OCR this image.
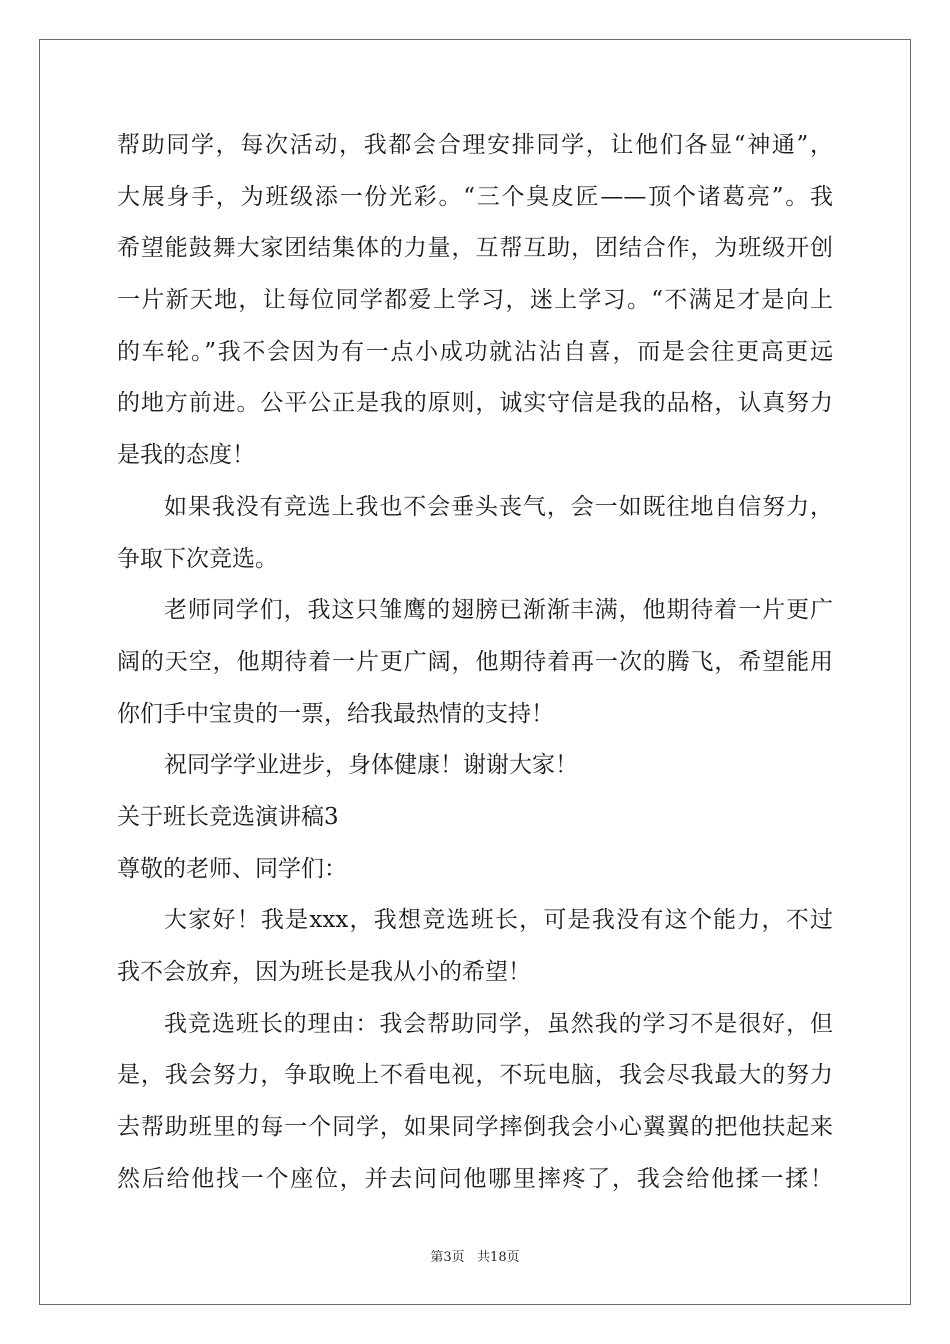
帮助同学，每次活动，我都会合理安排同学，让他们各显“神通”，
大展身手，为班级添一份光彩。“三个臭皮匠——顶个诸葛亮”。我
希望能鼓舞大家团结集体的力量，互帮互助，团结合作，为班级开创
一片新天地，让每位同学都爱上学习，迷上学习。“不满足才是向上
的车轮。”我不会因为有一点小成功就沾沾自喜，而是会往更高更远
的地方前进。公平公正是我的原则，诚实守信是我的品格，认真努力
是我的态度！
如果我没有竞选上我也不会垂头丧气，会一如既往地自信努力，
争取下次竞选。
老师同学们，我这只雏鹰的翅膀已渐渐丰满，他期待着一片更广
阔的天空，他期待着一片更广阔，他期待着再一次的腾飞，希望能用
你们手中宝贵的一票，给我最热情的支持！
祝同学学业进步，身体健康！谢谢大家！
关于班长竞选演讲稿3
尊敬的老师、同学们：
大家好！我是xxx，我想竞选班长，可是我没有这个能力，不过
我不会放弃，因为班长是我从小的希望！
我竞选班长的理由：我会帮助同学，虽然我的学习不是很好，但
是，我会努力，争取晚上不看电视，不玩电脑，我会尽我最大的努力
去帮助班里的每一个同学，如果同学摔倒我会小心翼翼的把他扶起来
然后给他找一个座位，并去问问他哪里摔疼了，我会给他揉一揉！
第3页   共18页
